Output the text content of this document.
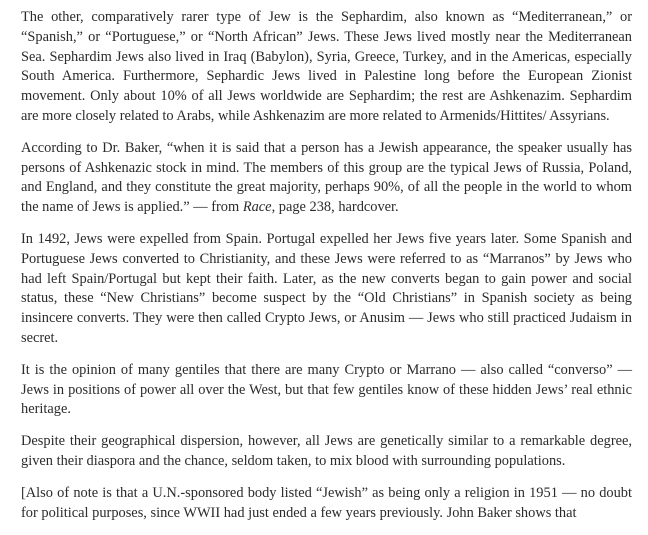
The other, comparatively rarer type of Jew is the Sephardim, also known as “Mediterranean,” or “Spanish,” or “Portuguese,” or “North African” Jews. These Jews lived mostly near the Mediterranean Sea. Sephardim Jews also lived in Iraq (Babylon), Syria, Greece, Turkey, and in the Americas, especially South America. Furthermore, Sephardic Jews lived in Palestine long before the European Zionist movement. Only about 10% of all Jews worldwide are Sephardim; the rest are Ashkenazim. Sephardim are more closely related to Arabs, while Ashkenazim are more related to Armenids/Hittites/ Assyrians.

According to Dr. Baker, “when it is said that a person has a Jewish appearance, the speaker usually has persons of Ashkenazic stock in mind. The members of this group are the typical Jews of Russia, Poland, and England, and they constitute the great majority, perhaps 90%, of all the people in the world to whom the name of Jews is applied.” — from Race, page 238, hardcover.

In 1492, Jews were expelled from Spain. Portugal expelled her Jews five years later. Some Spanish and Portuguese Jews converted to Christianity, and these Jews were referred to as “Marranos” by Jews who had left Spain/Portugal but kept their faith. Later, as the new converts began to gain power and social status, these “New Christians” become suspect by the “Old Christians” in Spanish society as being insincere converts. They were then called Crypto Jews, or Anusim — Jews who still practiced Judaism in secret.

It is the opinion of many gentiles that there are many Crypto or Marrano — also called “converso” — Jews in positions of power all over the West, but that few gentiles know of these hidden Jews’ real ethnic heritage.

Despite their geographical dispersion, however, all Jews are genetically similar to a remarkable degree, given their diaspora and the chance, seldom taken, to mix blood with surrounding populations.

[Also of note is that a U.N.-sponsored body listed “Jewish” as being only a religion in 1951 — no doubt for political purposes, since WWII had just ended a few years previously. John Baker shows that
